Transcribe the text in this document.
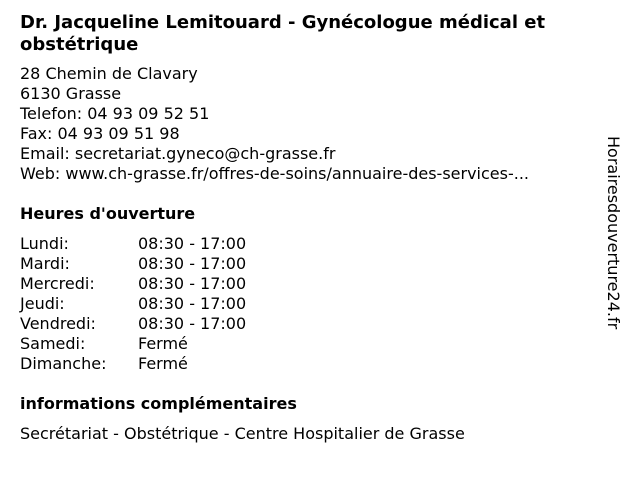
Dr. Jacqueline Lemitouard - Gynécologue médical et obstétrique
28 Chemin de Clavary
6130 Grasse
Telefon: 04 93 09 52 51
Fax: 04 93 09 51 98
Email: secretariat.gyneco@ch-grasse.fr
Web: www.ch-grasse.fr/offres-de-soins/annuaire-des-services-...
Heures d'ouverture
Lundi:	08:30 - 17:00
Mardi:	08:30 - 17:00
Mercredi:	08:30 - 17:00
Jeudi:	08:30 - 17:00
Vendredi:	08:30 - 17:00
Samedi:	Fermé
Dimanche:	Fermé
informations complémentaires
Secrétariat - Obstétrique - Centre Hospitalier de Grasse
Horairesdouverture24.fr
